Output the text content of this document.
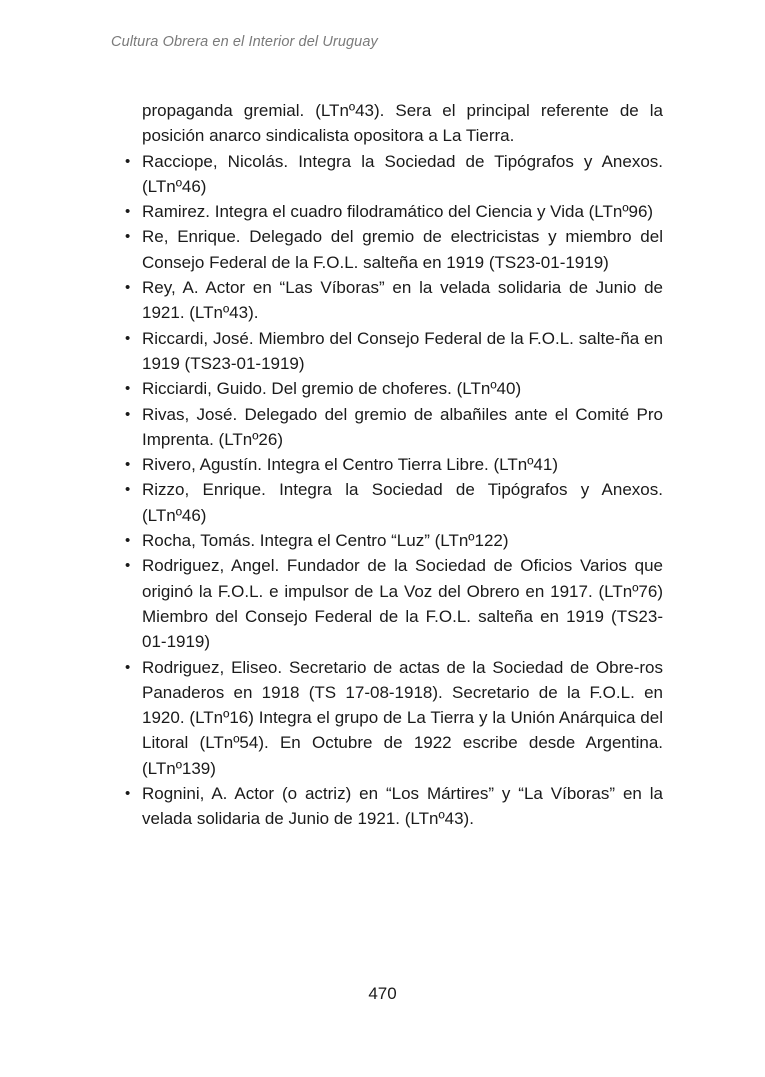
Cultura Obrera en el Interior del Uruguay

propaganda gremial. (LTnº43). Sera el principal referente de la posición anarco sindicalista opositora a La Tierra.

• Racciope, Nicolás. Integra la Sociedad de Tipógrafos y Anexos. (LTnº46)
• Ramirez. Integra el cuadro filodramático del Ciencia y Vida (LTnº96)
• Re, Enrique. Delegado del gremio de electricistas y miembro del Consejo Federal de la F.O.L. salteña en 1919 (TS23-01-1919)
• Rey, A. Actor en “Las Víboras” en la velada solidaria de Junio de 1921. (LTnº43).
• Riccardi, José. Miembro del Consejo Federal de la F.O.L. salte-ña en 1919 (TS23-01-1919)
• Ricciardi, Guido. Del gremio de choferes. (LTnº40)
• Rivas, José. Delegado del gremio de albañiles ante el Comité Pro Imprenta. (LTnº26)
• Rivero, Agustín. Integra el Centro Tierra Libre. (LTnº41)
• Rizzo, Enrique. Integra la Sociedad de Tipógrafos y Anexos. (LTnº46)
• Rocha, Tomás. Integra el Centro “Luz” (LTnº122)
• Rodriguez, Angel. Fundador de la Sociedad de Oficios Varios que originó la F.O.L. e impulsor de La Voz del Obrero en 1917. (LTnº76) Miembro del Consejo Federal de la F.O.L. salteña en 1919 (TS23-01-1919)
• Rodriguez, Eliseo. Secretario de actas de la Sociedad de Obre-ros Panaderos en 1918 (TS 17-08-1918). Secretario de la F.O.L. en 1920. (LTnº16) Integra el grupo de La Tierra y la Unión Anárquica del Litoral (LTnº54). En Octubre de 1922 escribe desde Argentina. (LTnº139)
• Rognini, A. Actor (o actriz) en “Los Mártires” y “La Víboras” en la velada solidaria de Junio de 1921. (LTnº43).
470
